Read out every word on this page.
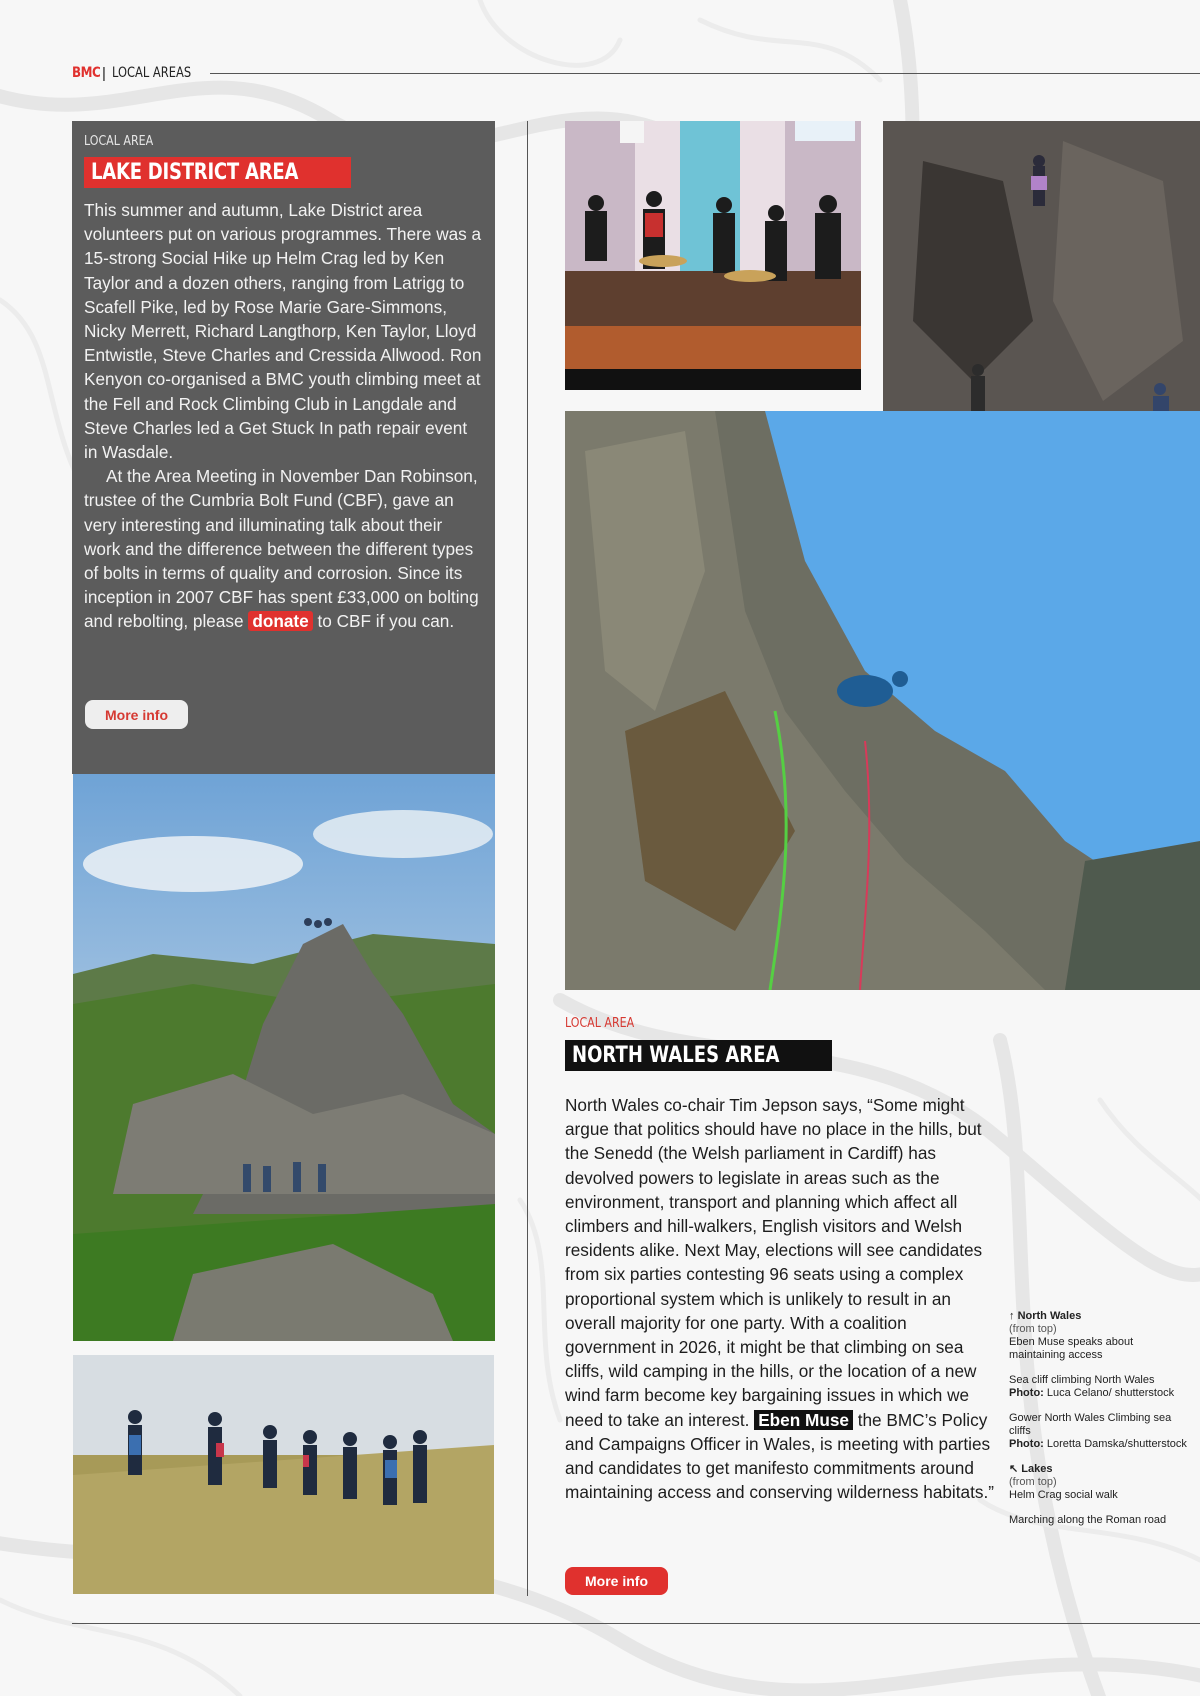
BMC | LOCAL AREAS
LOCAL AREA
LAKE DISTRICT AREA

This summer and autumn, Lake District area volunteers put on various programmes. There was a 15-strong Social Hike up Helm Crag led by Ken Taylor and a dozen others, ranging from Latrigg to Scafell Pike, led by Rose Marie Gare-Simmons, Nicky Merrett, Richard Langthorp, Ken Taylor, Lloyd Entwistle, Steve Charles and Cressida Allwood. Ron Kenyon co-organised a BMC youth climbing meet at the Fell and Rock Climbing Club in Langdale and Steve Charles led a Get Stuck In path repair event in Wasdale.

At the Area Meeting in November Dan Robinson, trustee of the Cumbria Bolt Fund (CBF), gave an very interesting and illuminating talk about their work and the difference between the different types of bolts in terms of quality and corrosion. Since its inception in 2007 CBF has spent £33,000 on bolting and rebolting, please donate to CBF if you can.

More info
LOCAL AREA
NORTH WALES AREA
North Wales co-chair Tim Jepson says, “Some might argue that politics should have no place in the hills, but the Senedd (the Welsh parliament in Cardiff) has devolved powers to legislate in areas such as the environment, transport and planning which affect all climbers and hill-walkers, English visitors and Welsh residents alike. Next May, elections will see candidates from six parties contesting 96 seats using a complex proportional system which is unlikely to result in an overall majority for one party. With a coalition government in 2026, it might be that climbing on sea cliffs, wild camping in the hills, or the location of a new wind farm become key bargaining issues in which we need to take an interest. Eben Muse the BMC’s Policy and Campaigns Officer in Wales, is meeting with parties and candidates to get manifesto commitments around maintaining access and conserving wilderness habitats.”
More info
↑ North Wales
(from top)
Eben Muse speaks about maintaining access
Sea cliff climbing North Wales
Photo: Luca Celano/ shutterstock
Gower North Wales Climbing sea cliffs
Photo: Loretta Damska/shutterstock
↖ Lakes
(from top)
Helm Crag social walk
Marching along the Roman road
